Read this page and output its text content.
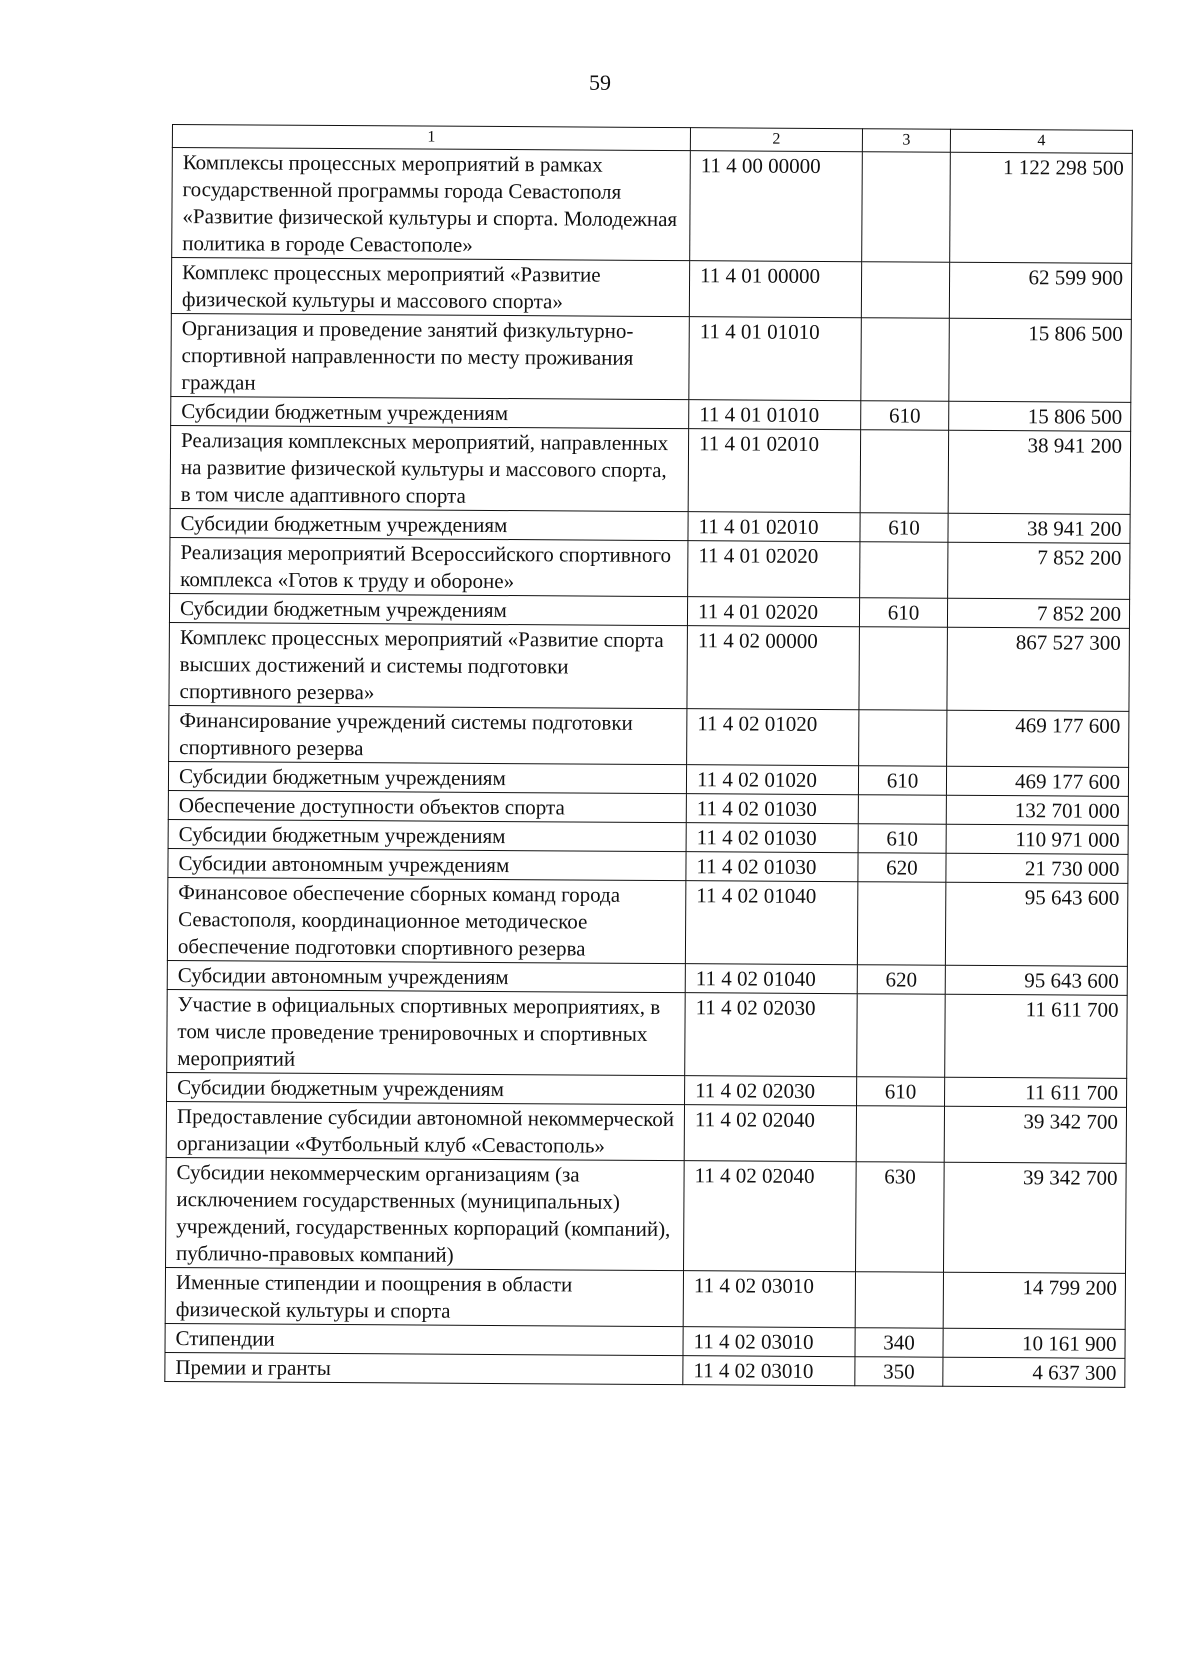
59
1	2	3	4
Комплексы процессных мероприятий в рамках государственной программы города Севастополя «Развитие физической культуры и спорта. Молодежная политика в городе Севастополе»	11 4 00 00000		1 122 298 500
Комплекс процессных мероприятий «Развитие физической культуры и массового спорта»	11 4 01 00000		62 599 900
Организация и проведение занятий физкультурно-спортивной направленности по месту проживания граждан	11 4 01 01010		15 806 500
Субсидии бюджетным учреждениям	11 4 01 01010	610	15 806 500
Реализация комплексных мероприятий, направленных на развитие физической культуры и массового спорта, в том числе адаптивного спорта	11 4 01 02010		38 941 200
Субсидии бюджетным учреждениям	11 4 01 02010	610	38 941 200
Реализация мероприятий Всероссийского спортивного комплекса «Готов к труду и обороне»	11 4 01 02020		7 852 200
Субсидии бюджетным учреждениям	11 4 01 02020	610	7 852 200
Комплекс процессных мероприятий «Развитие спорта высших достижений и системы подготовки спортивного резерва»	11 4 02 00000		867 527 300
Финансирование учреждений системы подготовки спортивного резерва	11 4 02 01020		469 177 600
Субсидии бюджетным учреждениям	11 4 02 01020	610	469 177 600
Обеспечение доступности объектов спорта	11 4 02 01030		132 701 000
Субсидии бюджетным учреждениям	11 4 02 01030	610	110 971 000
Субсидии автономным учреждениям	11 4 02 01030	620	21 730 000
Финансовое обеспечение сборных команд города Севастополя, координационное методическое обеспечение подготовки спортивного резерва	11 4 02 01040		95 643 600
Субсидии автономным учреждениям	11 4 02 01040	620	95 643 600
Участие в официальных спортивных мероприятиях, в том числе проведение тренировочных и спортивных мероприятий	11 4 02 02030		11 611 700
Субсидии бюджетным учреждениям	11 4 02 02030	610	11 611 700
Предоставление субсидии автономной некоммерческой организации «Футбольный клуб «Севастополь»	11 4 02 02040		39 342 700
Субсидии некоммерческим организациям (за исключением государственных (муниципальных) учреждений, государственных корпораций (компаний), публично-правовых компаний)	11 4 02 02040	630	39 342 700
Именные стипендии и поощрения в области физической культуры и спорта	11 4 02 03010		14 799 200
Стипендии	11 4 02 03010	340	10 161 900
Премии и гранты	11 4 02 03010	350	4 637 300
